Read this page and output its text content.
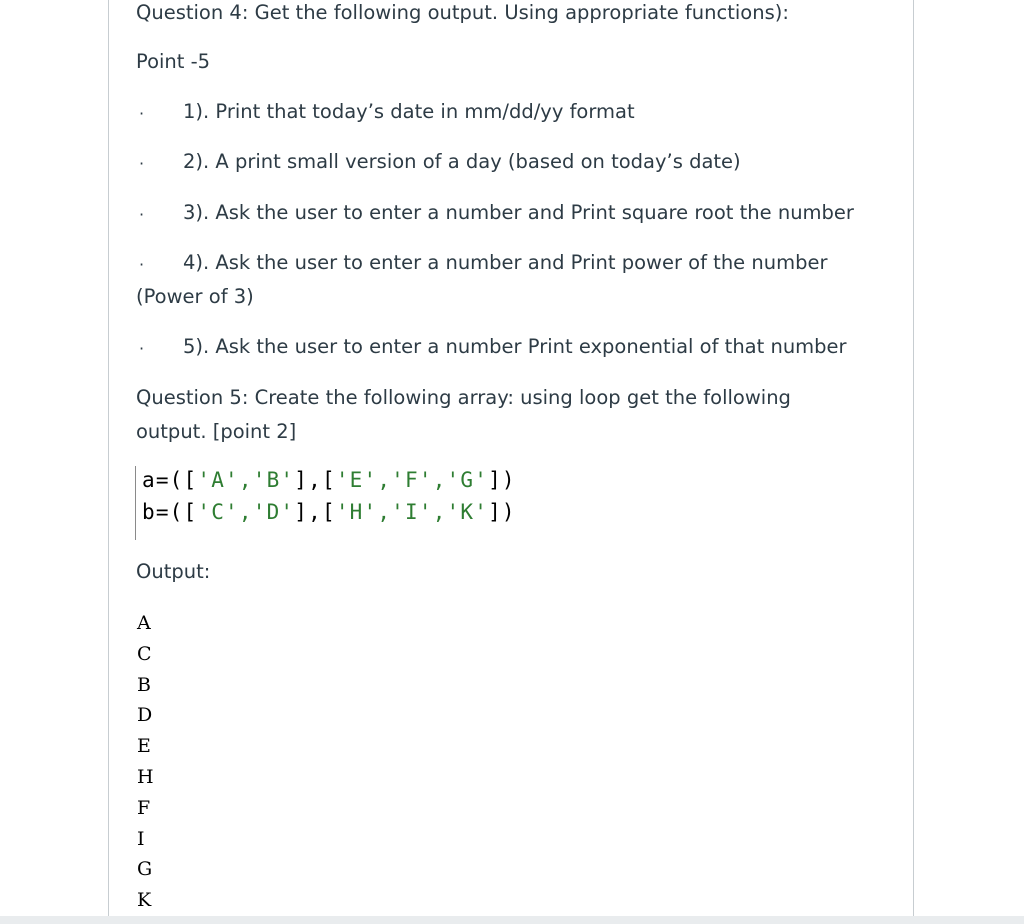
Question 4: Get the following output. Using appropriate functions):
Point -5
· 1). Print that today’s date in mm/dd/yy format
· 2). A print small version of a day (based on today’s date)
· 3). Ask the user to enter a number and Print square root the number
· 4). Ask the user to enter a number and Print power of the number
(Power of 3)
· 5). Ask the user to enter a number Print exponential of that number
Question 5: Create the following array: using loop get the following
output. [point 2]
a=(['A','B'],['E','F','G'])
b=(['C','D'],['H','I','K'])
Output:
A
C
B
D
E
H
F
I
G
K
